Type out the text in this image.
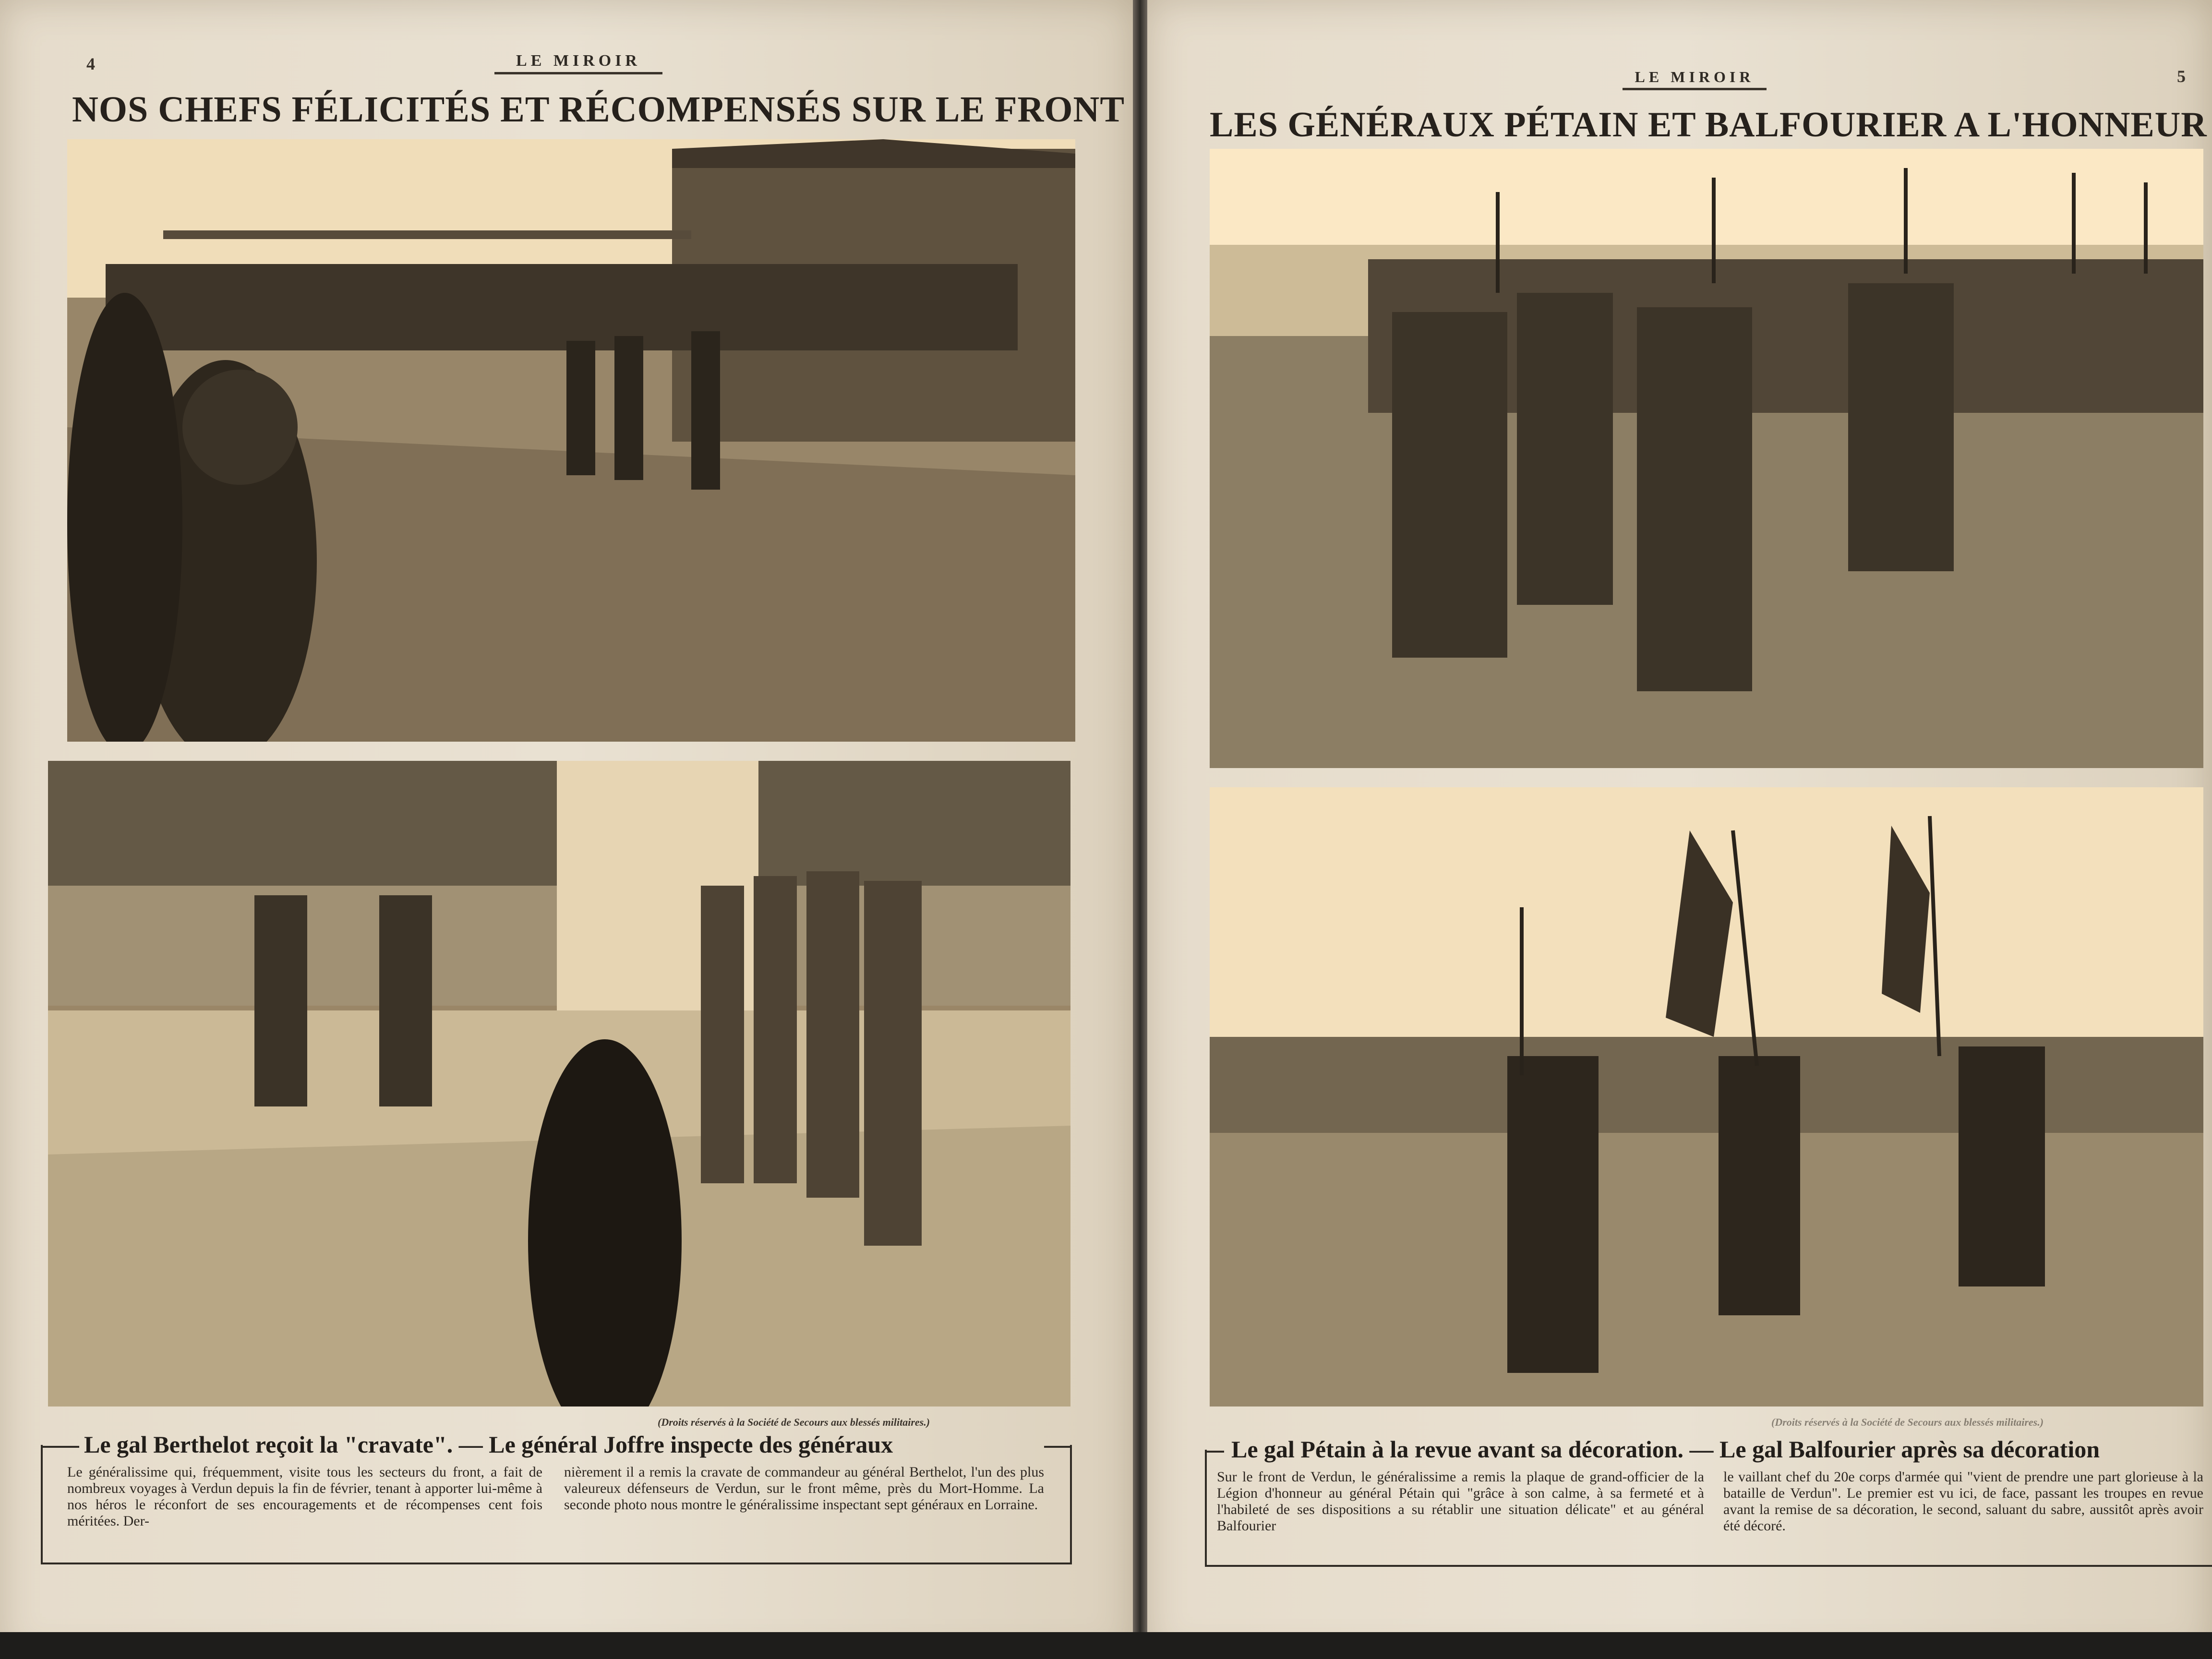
4	LE MIROIR
NOS CHEFS FÉLICITÉS ET RÉCOMPENSÉS SUR LE FRONT
(Droits réservés à la Société de Secours aux blessés militaires.)
Le gal Berthelot reçoit la "cravate". — Le général Joffre inspecte des généraux
Le généralissime qui, fréquemment, visite tous les secteurs du front, a fait de nombreux voyages à Verdun depuis la fin de février, tenant à apporter lui-même à nos héros le réconfort de ses encouragements et de récompenses cent fois méritées. Der-
nièrement il a remis la cravate de commandeur au général Berthelot, l'un des plus valeureux défenseurs de Verdun, sur le front même, près du Mort-Homme. La seconde photo nous montre le généralissime inspectant sept généraux en Lorraine.
LE MIROIR	5
LES GÉNÉRAUX PÉTAIN ET BALFOURIER A L'HONNEUR
(Droits réservés à la Société de Secours aux blessés militaires.)
Le gal Pétain à la revue avant sa décoration. — Le gal Balfourier après sa décoration
Sur le front de Verdun, le généralissime a remis la plaque de grand-officier de la Légion d'honneur au général Pétain qui "grâce à son calme, à sa fermeté et à l'habileté de ses dispositions a su rétablir une situation délicate" et au général Balfourier
le vaillant chef du 20e corps d'armée qui "vient de prendre une part glorieuse à la bataille de Verdun". Le premier est vu ici, de face, passant les troupes en revue avant la remise de sa décoration, le second, saluant du sabre, aussitôt après avoir été décoré.
